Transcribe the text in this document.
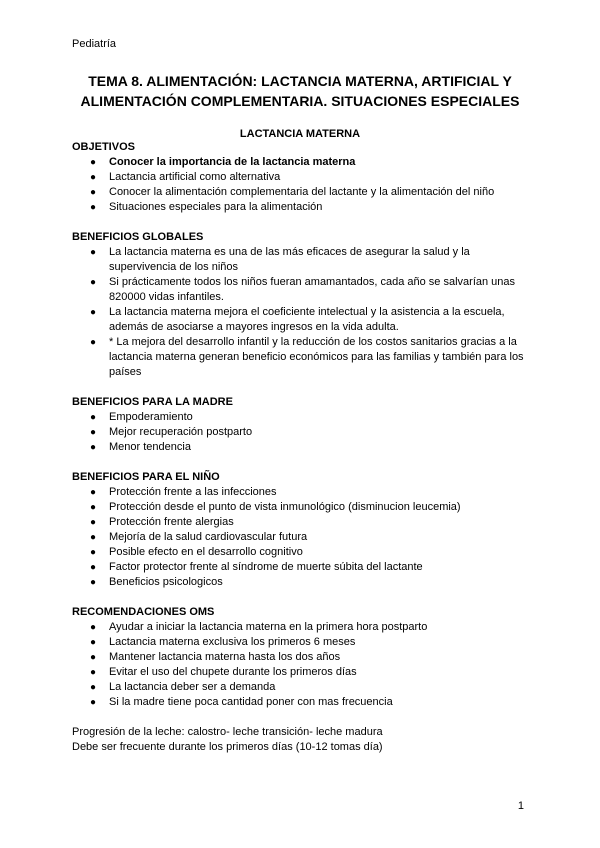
Pediatría
TEMA 8. ALIMENTACIÓN: LACTANCIA MATERNA, ARTIFICIAL Y
ALIMENTACIÓN COMPLEMENTARIA. SITUACIONES ESPECIALES
LACTANCIA MATERNA
OBJETIVOS
● Conocer la importancia de la lactancia materna
● Lactancia artificial como alternativa
● Conocer la alimentación complementaria del lactante y la alimentación del niño
● Situaciones especiales para la alimentación
BENEFICIOS GLOBALES
● La lactancia materna es una de las más eficaces de asegurar la salud y la supervivencia de los niños
● Si prácticamente todos los niños fueran amamantados, cada año se salvarían unas 820000 vidas infantiles.
● La lactancia materna mejora el coeficiente intelectual y la asistencia a la escuela, además de asociarse a mayores ingresos en la vida adulta.
● * La mejora del desarrollo infantil y la reducción de los costos sanitarios gracias a la lactancia materna generan beneficio económicos para las familias y también para los países
BENEFICIOS PARA LA MADRE
● Empoderamiento
● Mejor recuperación postparto
● Menor tendencia
BENEFICIOS PARA EL NIÑO
● Protección frente a las infecciones
● Protección desde el punto de vista inmunológico (disminucion leucemia)
● Protección frente alergias
● Mejoría de la salud cardiovascular futura
● Posible efecto en el desarrollo cognitivo
● Factor protector frente al síndrome de muerte súbita del lactante
● Beneficios psicologicos
RECOMENDACIONES OMS
● Ayudar a iniciar la lactancia materna en la primera hora postparto
● Lactancia materna exclusiva los primeros 6 meses
● Mantener lactancia materna hasta los dos años
● Evitar el uso del chupete durante los primeros días
● La lactancia deber ser a demanda
● Si la madre tiene poca cantidad poner con mas frecuencia
Progresión de la leche: calostro- leche transición- leche madura
Debe ser frecuente durante los primeros días (10-12 tomas día)
1
